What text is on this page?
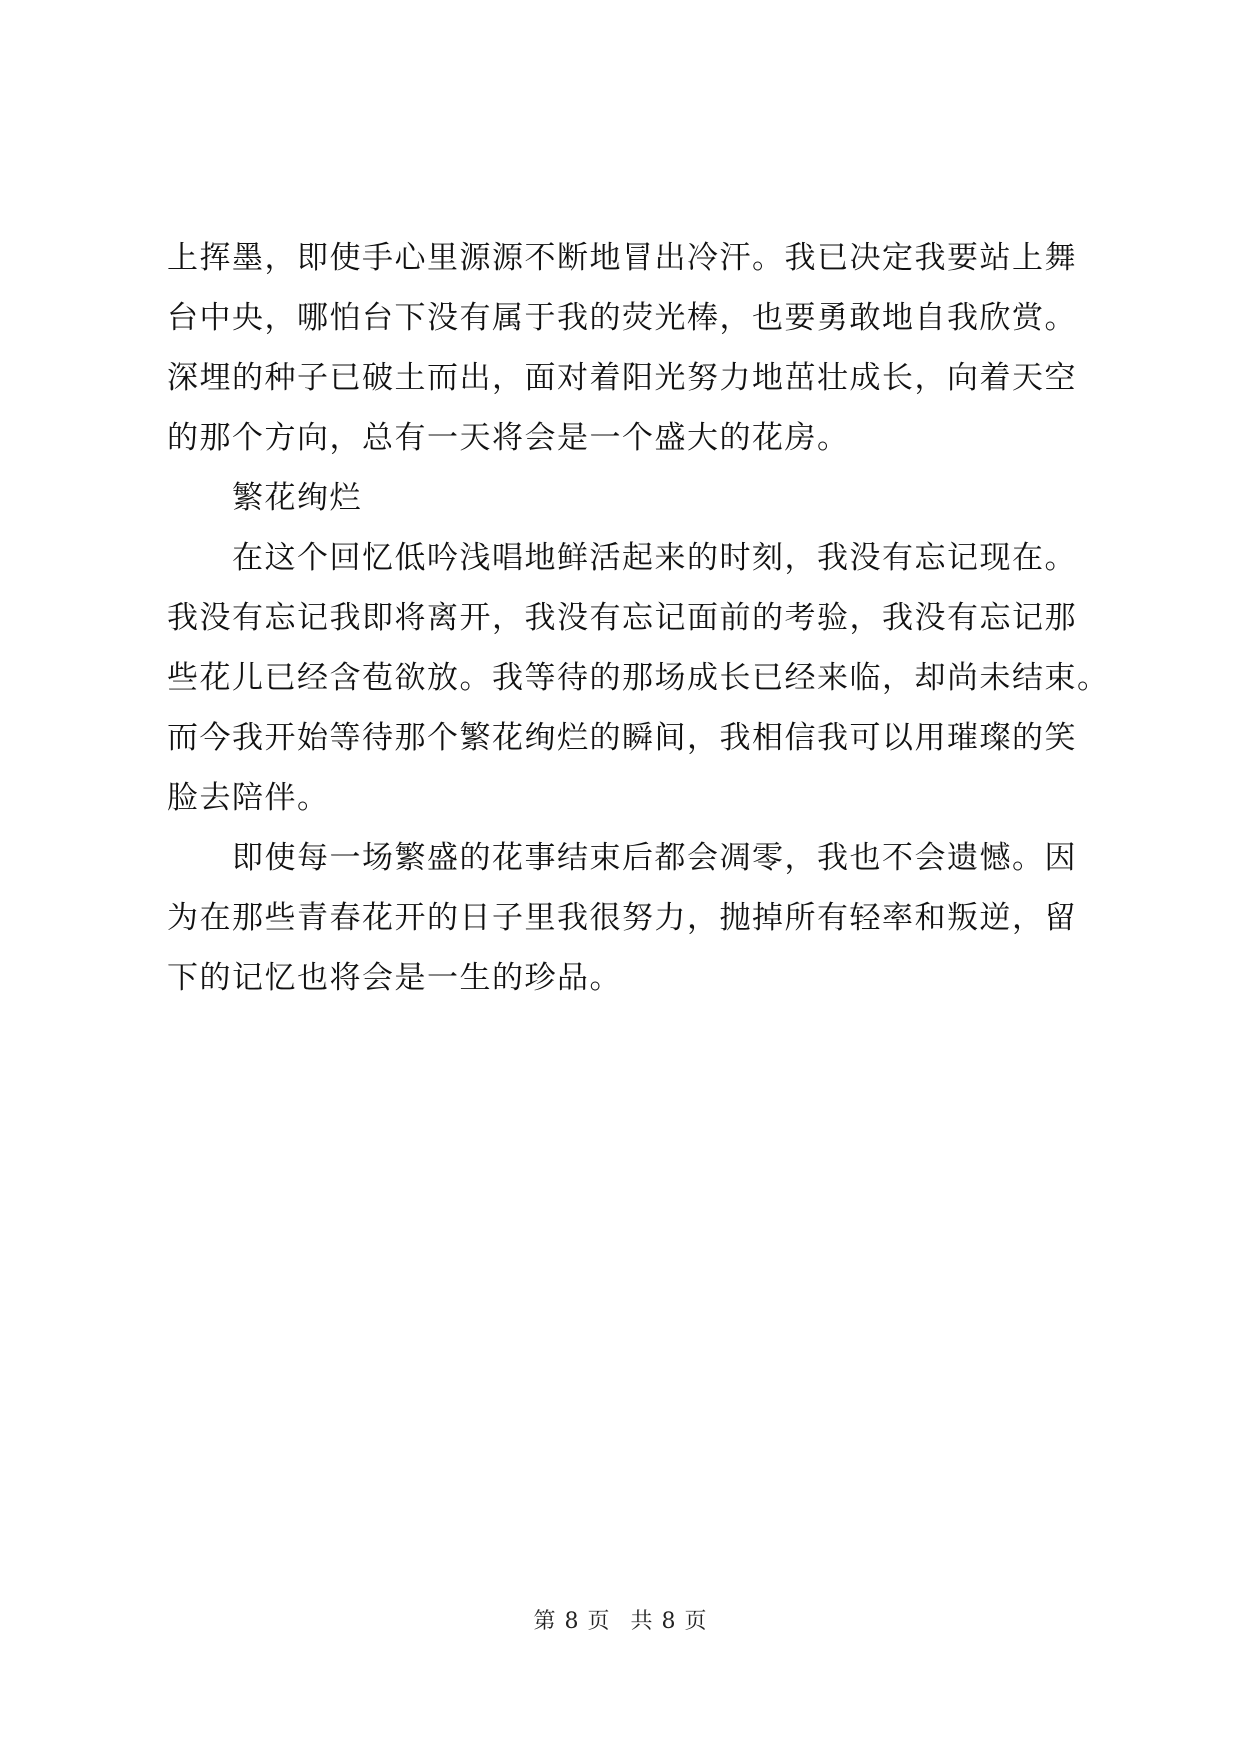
上挥墨，即使手心里源源不断地冒出冷汗。我已决定我要站上舞
台中央，哪怕台下没有属于我的荧光棒，也要勇敢地自我欣赏。
深埋的种子已破土而出，面对着阳光努力地茁壮成长，向着天空
的那个方向，总有一天将会是一个盛大的花房。

繁花绚烂

在这个回忆低吟浅唱地鲜活起来的时刻，我没有忘记现在。
我没有忘记我即将离开，我没有忘记面前的考验，我没有忘记那
些花儿已经含苞欲放。我等待的那场成长已经来临，却尚未结束。
而今我开始等待那个繁花绚烂的瞬间，我相信我可以用璀璨的笑
脸去陪伴。

即使每一场繁盛的花事结束后都会凋零，我也不会遗憾。因
为在那些青春花开的日子里我很努力，抛掉所有轻率和叛逆，留
下的记忆也将会是一生的珍品。

第 8 页 共 8 页
